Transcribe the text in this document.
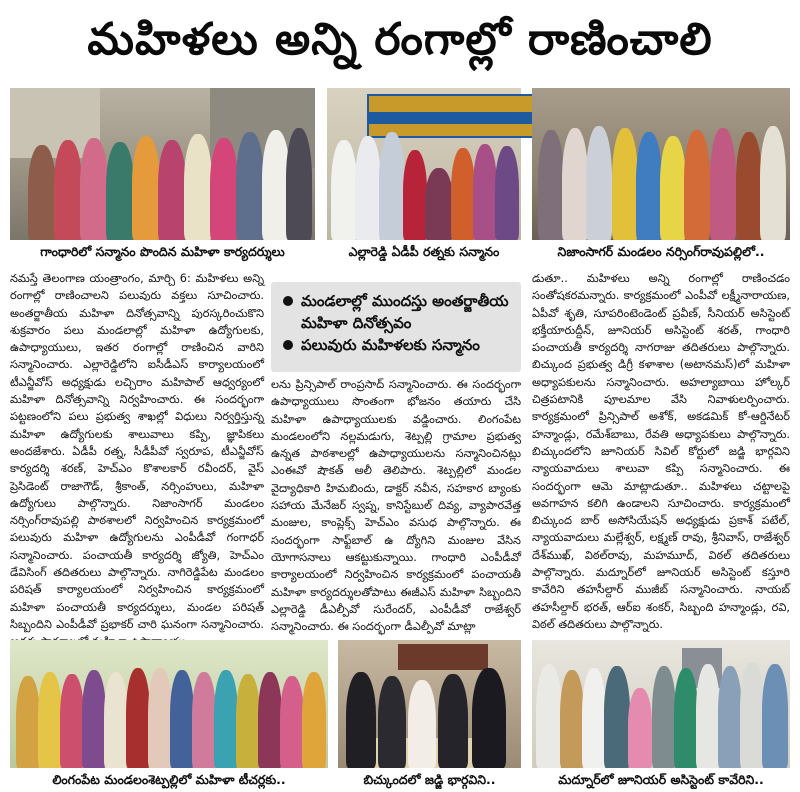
మహిళలు అన్ని రంగాల్లో రాణించాలి
గాంధారిలో సన్మానం పొందిన మహిళా కార్యదర్శులు	ఎల్లారెడ్డి ఏడీపీ రత్నకు సన్మానం	నిజాంసాగర్ మండలం నర్సింగ్‌రావుపల్లిలో..

నమస్తే తెలంగాణ యంత్రాంగం, మార్చి 6: మహిళలు అన్ని రంగాల్లో రాణించాలని పలువురు వక్తలు సూచించారు. అంతర్జాతీయ మహిళా దినోత్సవాన్ని పురస్కరించుకొని శుక్రవారం పలు మండలాల్లో మహిళా ఉద్యోగులకు, ఉపాధ్యాయులు, ఇతర రంగాల్లో రాణించిన వారిని సన్మానించారు. ఎల్లారెడ్డిలోని ఐసీడీఎస్ కార్యాలయంలో టీఎన్జీవోస్ అధ్యక్షుడు లచ్చిరాం మహిపాల్ ఆధ్వర్యంలో మహిళా దినోత్సవాన్ని నిర్వహించారు. ఈ సందర్భంగా పట్టణంలోని పలు ప్రభుత్వ శాఖల్లో విధులు నిర్వర్తిస్తున్న మహిళా ఉద్యోగులకు శాలువాలు కప్పి, జ్ఞాపికలు అందజేశారు. ఏడీపీ రత్న, సీడీపీవో స్వరూప, టీఎన్జీవోస్ కార్యదర్శి శరణ్, హెచ్‌ఎం కొశాలకార్ రవీందర్, వైస్ ప్రెసిడెంట్ రాజాగౌడ్, శ్రీకాంత్, నర్సింహులు, మహిళా ఉద్యోగులు పాల్గొన్నారు. నిజాంసాగర్ మండలం నర్సింగ్‌రావుపల్లి పాఠశాలలో నిర్వహించిన కార్యక్రమంలో పలువురు మహిళా ఉద్యోగులను ఎంపీడీవో గంగాధర్ సన్మానించారు. పంచాయతీ కార్యదర్శి జ్యోతి, హెచ్‌ఎం డేవిసింగ్ తదితరులు పాల్గొన్నారు. నాగిరెడ్డిపేట మండలం పరిషత్ కార్యాలయంలో నిర్వహించిన కార్యక్రమంలో మహిళా పంచాయతీ కార్యదర్శులు, మండల పరిషత్ సిబ్బందిని ఎంపీడీవో ప్రభాకర్ చారి ఘనంగా సన్మానించారు.

మండలాల్లో ముందస్తు అంతర్జాతీయ మహిళా దినోత్సవం
పలువురు మహిళలకు సన్మానం

లను ప్రిన్సిపాల్ రాంప్రసాద్ సన్మానించారు. ఈ సందర్భంగా ఉపాధ్యాయులు సొంతంగా భోజనం తయారు చేసి మహిళా ఉపాధ్యాయులకు వడ్డించారు. లింగంపేట మండలంలోని నల్లమడుగు, శెట్పల్లి గ్రామాల ప్రభుత్వ ఉన్నత పాఠశాలల్లో ఉపాధ్యాయులను సన్మానించినట్లు ఎంఈవో షౌకత్ అలీ తెలిపారు. శెట్పల్లిలో మండల వైద్యాధికారి హిమబిందు, డాక్టర్ నవీన, సహకార బ్యాంకు సహాయ మేనేజర్ స్వప్న, కానిస్టేబుల్ దివ్య, వ్యాపారవేత్త మంజుల, కాంప్లెక్స్ హెచ్‌ఎం వసుధ పాల్గొన్నారు. ఈ సందర్భంగా సాఫ్ట్‌బాల్ ఉ ద్యోగిని మంజుల వేసిన యోగాసనాలు ఆకట్టుకున్నాయి. గాంధారి ఎంపీడీవో కార్యాలయంలో నిర్వహించిన కార్యక్రమంలో పంచాయతీ మహిళా కార్యదర్శులతోపాటు ఈజీఎస్ మహిళా సిబ్బందిని ఎల్లారెడ్డి డీఎల్పీవో సురేందర్, ఎంపీడీవో రాజేశ్వర్ సన్మానించారు. ఈ సందర్భంగా డీఎల్పీవో మాట్లా

డుతూ.. మహిళలు అన్ని రంగాల్లో రాణించడం సంతోషకరమన్నారు. కార్యక్రమంలో ఎంపీవో లక్ష్మీనారాయణ, ఏపీవో శృతి, సూపరింటెండెంట్ ప్రవీణ్, సీనియర్ అసిస్టెంట్ భక్తీయారుద్దీన్, జూనియర్ అసిస్టెంట్ శరత్, గాంధారి పంచాయతీ కార్యదర్శి నాగరాజు తదితరులు పాల్గొన్నారు. బిచ్కుంద ప్రభుత్వ డిగ్రీ కళాశాల (అటానమస్)లో మహిళా అధ్యాపకులను సన్మానించారు. అహల్యాబాయి హోల్కర్ చిత్రపటానికి పూలమాల వేసి నివాళులర్పించారు. కార్యక్రమంలో ప్రిన్సిపాల్ అశోక్, అకడమిక్ కో-ఆర్డినేటర్ హన్మాండ్లు, రమేశ్‌బాబు, రేవతి అధ్యాపకులు పాల్గొన్నారు. బిచ్కుందలోని జూనియర్ సివిల్ కోర్టులో జడ్జి భార్గవిని న్యాయవాదులు శాలువా కప్పి సన్మానించారు. ఈ సందర్భంగా ఆమె మాట్లాడుతూ.. మహిళలు చట్టాలపై అవగాహన కలిగి ఉండాలని సూచించారు. కార్యక్రమంలో బిచ్కుంద బార్ అసోసియేషన్ అధ్యక్షుడు ప్రకాశ్ పటేల్, న్యాయవాదులు మల్లేశ్వర్, లక్ష్మణ్ రావు, శ్రీనివాస్, రాజేశ్వర్ దేశ్‌ముఖ్, విఠల్‌రావు, మహమూద్, విఠల్ తదితరులు పాల్గొన్నారు. మద్నూర్‌లో జూనియర్ అసిస్టెంట్ కస్తూరి కావేరిని తహసీల్దార్ ముజీబ్ సన్మానించారు. నాయబ్ తహసీల్దార్ భరత్, ఆర్‌ఐ శంకర్, సిబ్బంది హన్మాండ్లు, రవి, విఠల్ తదితరులు పాల్గొన్నారు.

లింగంపేట మండలంశెట్పల్లిలో మహిళా టీచర్లకు..	బిచ్కుందలో జడ్జి భార్గవిని..	మద్నూర్‌లో జూనియర్ అసిస్టెంట్ కావేరిని..
